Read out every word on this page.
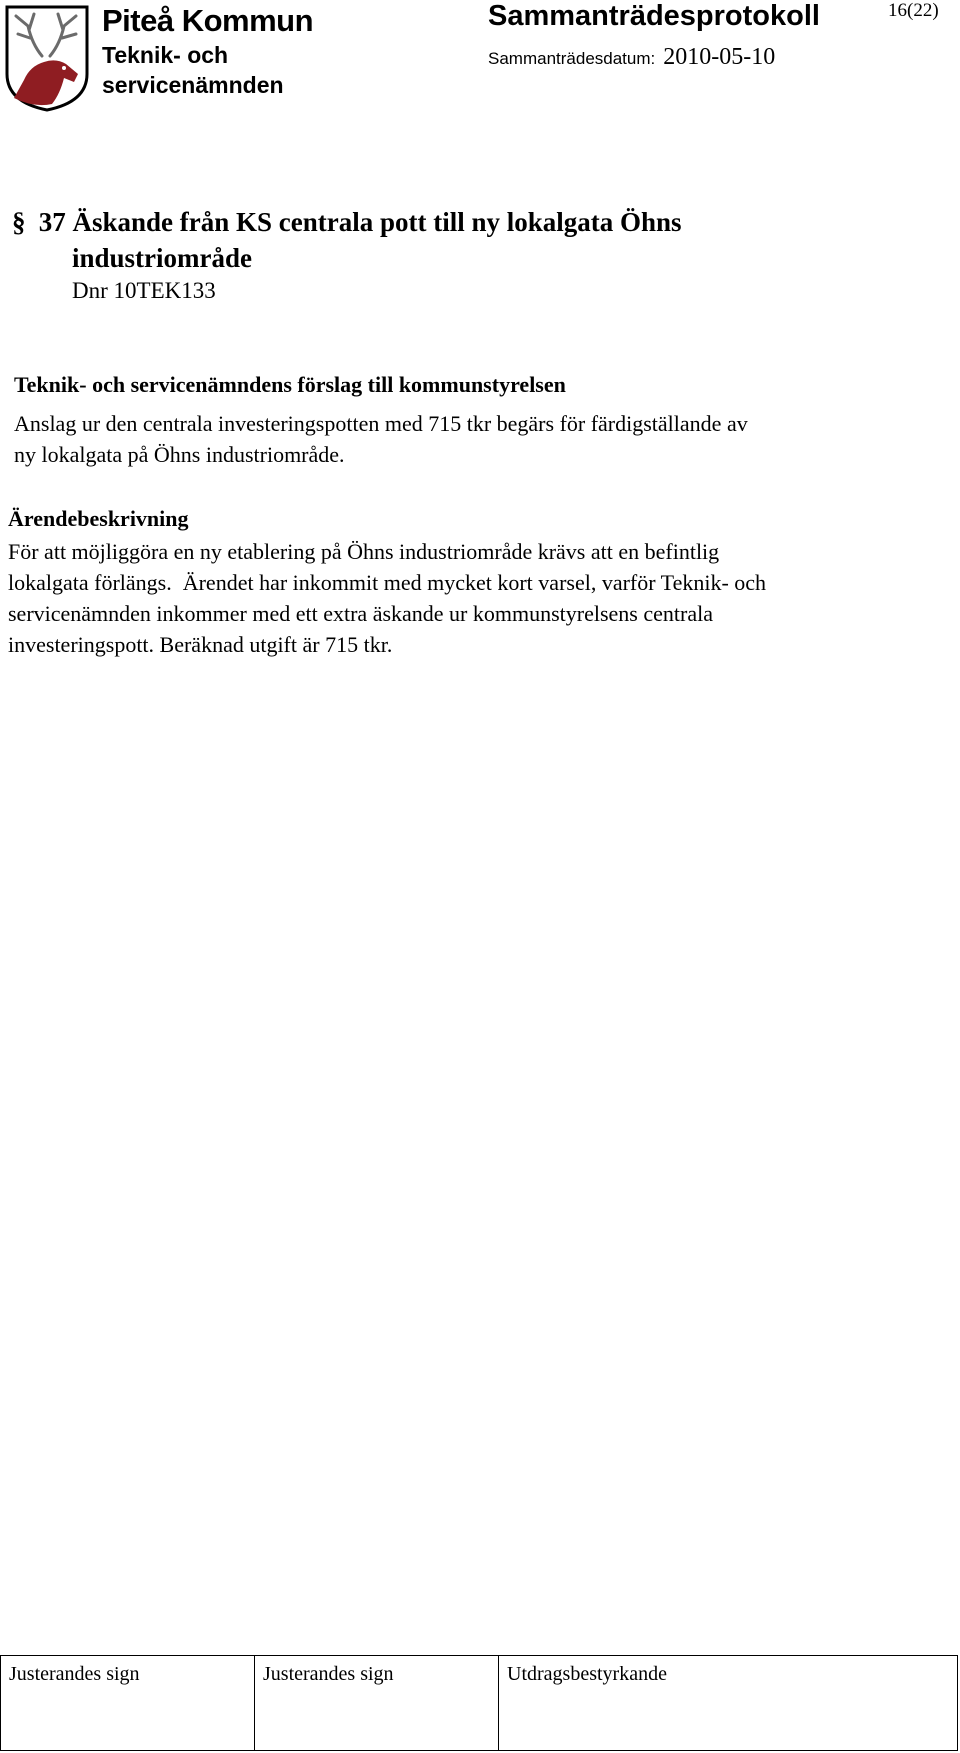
Piteå Kommun
Teknik- och
servicenämnden
Sammanträdesprotokoll	16(22)
Sammanträdesdatum: 2010-05-10
§ 37 Äskande från KS centrala pott till ny lokalgata Öhns
industriområde
Dnr 10TEK133
Teknik- och servicenämndens förslag till kommunstyrelsen
Anslag ur den centrala investeringspotten med 715 tkr begärs för färdigställande av
ny lokalgata på Öhns industriområde.
Ärendebeskrivning
För att möjliggöra en ny etablering på Öhns industriområde krävs att en befintlig
lokalgata förlängs.  Ärendet har inkommit med mycket kort varsel, varför Teknik- och
servicenämnden inkommer med ett extra äskande ur kommunstyrelsens centrala
investeringspott. Beräknad utgift är 715 tkr.
Justerandes sign	Justerandes sign	Utdragsbestyrkande
